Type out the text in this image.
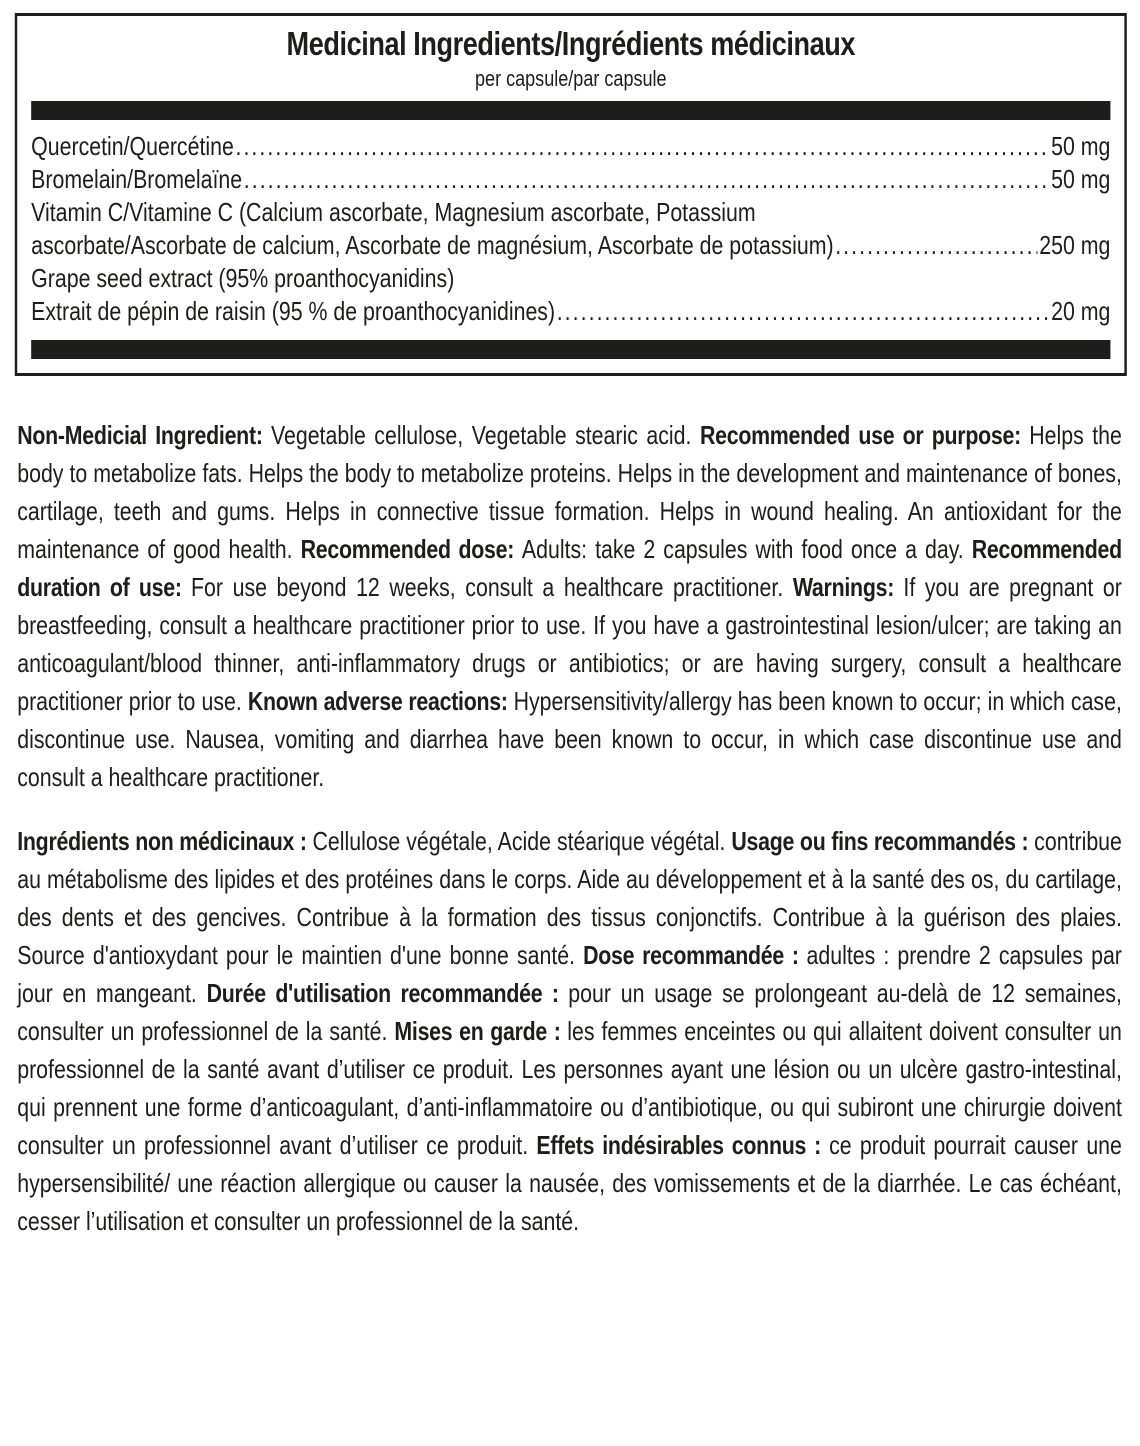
Medicinal Ingredients/Ingrédients médicinaux
per capsule/par capsule
Quercetin/Quercétine .....	50 mg
Bromelain/Bromelaïne .....	50 mg
Vitamin C/Vitamine C (Calcium ascorbate, Magnesium ascorbate, Potassium
ascorbate/Ascorbate de calcium, Ascorbate de magnésium, Ascorbate de potassium) .....	250 mg
Grape seed extract (95% proanthocyanidins)
Extrait de pépin de raisin (95 % de proanthocyanidines) .....	20 mg

Non-Medicial Ingredient: Vegetable cellulose, Vegetable stearic acid. Recommended use or purpose: Helps the body to metabolize fats. Helps the body to metabolize proteins. Helps in the development and maintenance of bones, cartilage, teeth and gums. Helps in connective tissue formation. Helps in wound healing. An antioxidant for the maintenance of good health. Recommended dose: Adults: take 2 capsules with food once a day. Recommended duration of use: For use beyond 12 weeks, consult a healthcare practitioner. Warnings: If you are pregnant or breastfeeding, consult a healthcare practitioner prior to use. If you have a gastrointestinal lesion/ulcer; are taking an anticoagulant/blood thinner, anti-inflammatory drugs or antibiotics; or are having surgery, consult a healthcare practitioner prior to use. Known adverse reactions: Hypersensitivity/allergy has been known to occur; in which case, discontinue use. Nausea, vomiting and diarrhea have been known to occur, in which case discontinue use and consult a healthcare practitioner.

Ingrédients non médicinaux : Cellulose végétale, Acide stéarique végétal. Usage ou fins recommandés : contribue au métabolisme des lipides et des protéines dans le corps. Aide au développement et à la santé des os, du cartilage, des dents et des gencives. Contribue à la formation des tissus conjonctifs. Contribue à la guérison des plaies. Source d'antioxydant pour le maintien d'une bonne santé. Dose recommandée : adultes : prendre 2 capsules par jour en mangeant. Durée d'utilisation recommandée : pour un usage se prolongeant au-delà de 12 semaines, consulter un professionnel de la santé. Mises en garde : les femmes enceintes ou qui allaitent doivent consulter un professionnel de la santé avant d’utiliser ce produit. Les personnes ayant une lésion ou un ulcère gastro-intestinal, qui prennent une forme d’anticoagulant, d’anti-inflammatoire ou d’antibiotique, ou qui subiront une chirurgie doivent consulter un professionnel avant d’utiliser ce produit. Effets indésirables connus : ce produit pourrait causer une hypersensibilité/ une réaction allergique ou causer la nausée, des vomissements et de la diarrhée. Le cas échéant, cesser l’utilisation et consulter un professionnel de la santé.
